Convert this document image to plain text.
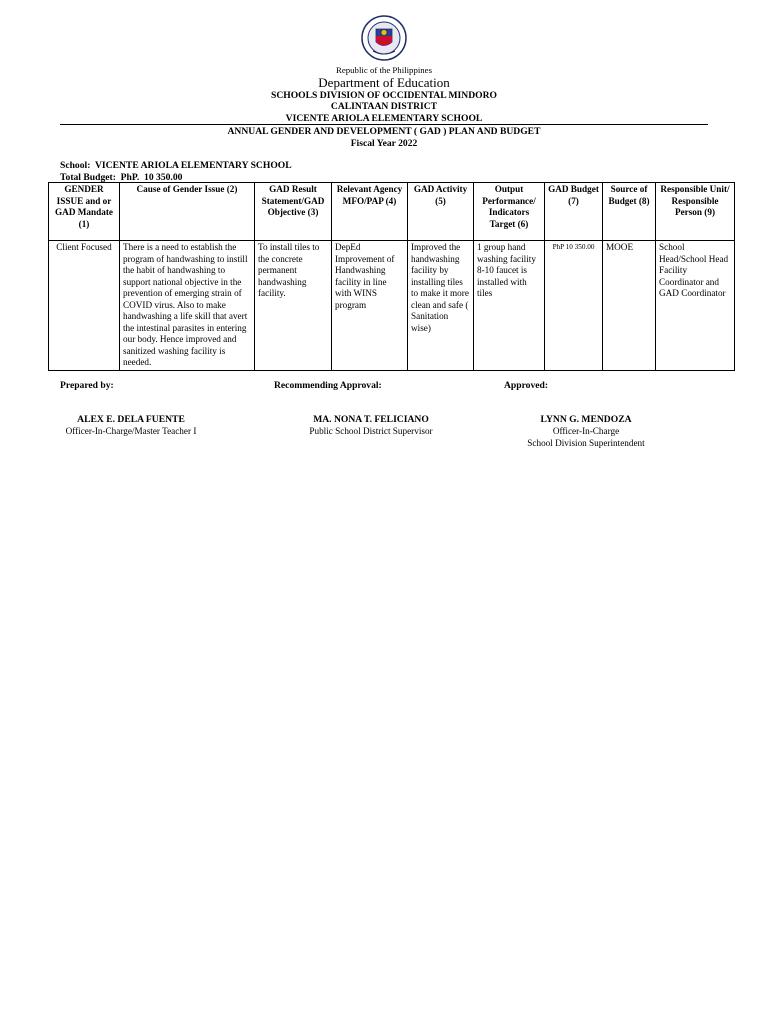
Republic of the Philippines
Department of Education
SCHOOLS DIVISION OF OCCIDENTAL MINDORO
CALINTAAN DISTRICT
VICENTE ARIOLA ELEMENTARY SCHOOL
ANNUAL GENDER AND DEVELOPMENT ( GAD ) PLAN AND BUDGET
Fiscal Year 2022
School:  VICENTE ARIOLA ELEMENTARY SCHOOL
Total Budget:  PhP.  10 350.00
GENDER ISSUE and or GAD Mandate (1)	Cause of Gender Issue (2)	GAD Result Statement/GAD Objective (3)	Relevant Agency MFO/PAP (4)	GAD Activity (5)	Output Performance/ Indicators Target (6)	GAD Budget (7)	Source of Budget (8)	Responsible Unit/ Responsible Person (9)
Client Focused	There is a need to establish the program of handwashing to instill the habit of handwashing to support national objective in the prevention of emerging strain of COVID virus. Also to make handwashing a life skill that avert the intestinal parasites in entering our body. Hence improved and sanitized washing facility is needed.	To install tiles to the concrete permanent handwashing facility.	DepEd Improvement of Handwashing facility in line with WINS program	Improved the handwashing facility by installing tiles to make it more clean and safe ( Sanitation wise)	1 group hand washing facility 8-10 faucet is installed with tiles	PhP 10 350.00	MOOE	School Head/School Head Facility Coordinator and GAD Coordinator
Prepared by:	Recommending Approval:	Approved:
ALEX E. DELA FUENTE
Officer-In-Charge/Master Teacher I
MA. NONA T. FELICIANO
Public School District Supervisor
LYNN G. MENDOZA
Officer-In-Charge
School Division Superintendent
